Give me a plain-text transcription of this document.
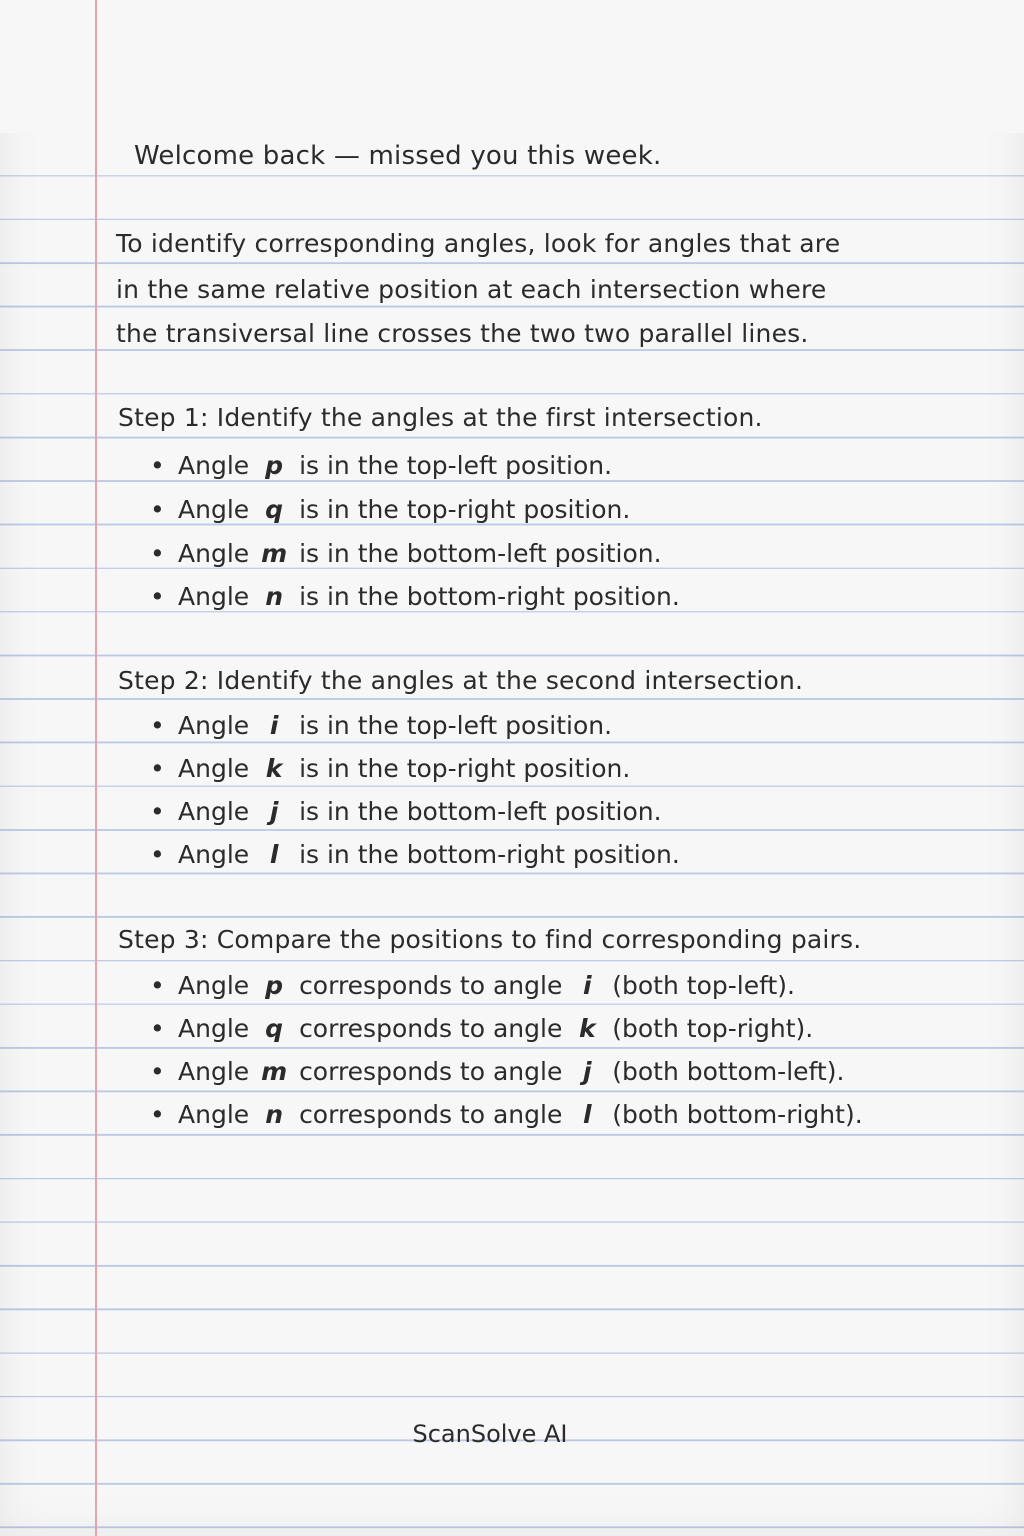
Welcome back — missed you this week.
To identify corresponding angles, look for angles that are
in the same relative position at each intersection where
the transiversal line crosses the two two parallel lines.
Step 1: Identify the angles at the first intersection.
• Angle p is in the top-left position.
• Angle q is in the top-right position.
• Angle m is in the bottom-left position.
• Angle n is in the bottom-right position.
Step 2: Identify the angles at the second intersection.
• Angle i is in the top-left position.
• Angle k is in the top-right position.
• Angle j is in the bottom-left position.
• Angle l is in the bottom-right position.
Step 3: Compare the positions to find corresponding pairs.
• Angle p corresponds to angle i (both top-left).
• Angle q corresponds to angle k (both top-right).
• Angle m corresponds to angle j (both bottom-left).
• Angle n corresponds to angle l (both bottom-right).
ScanSolve AI
